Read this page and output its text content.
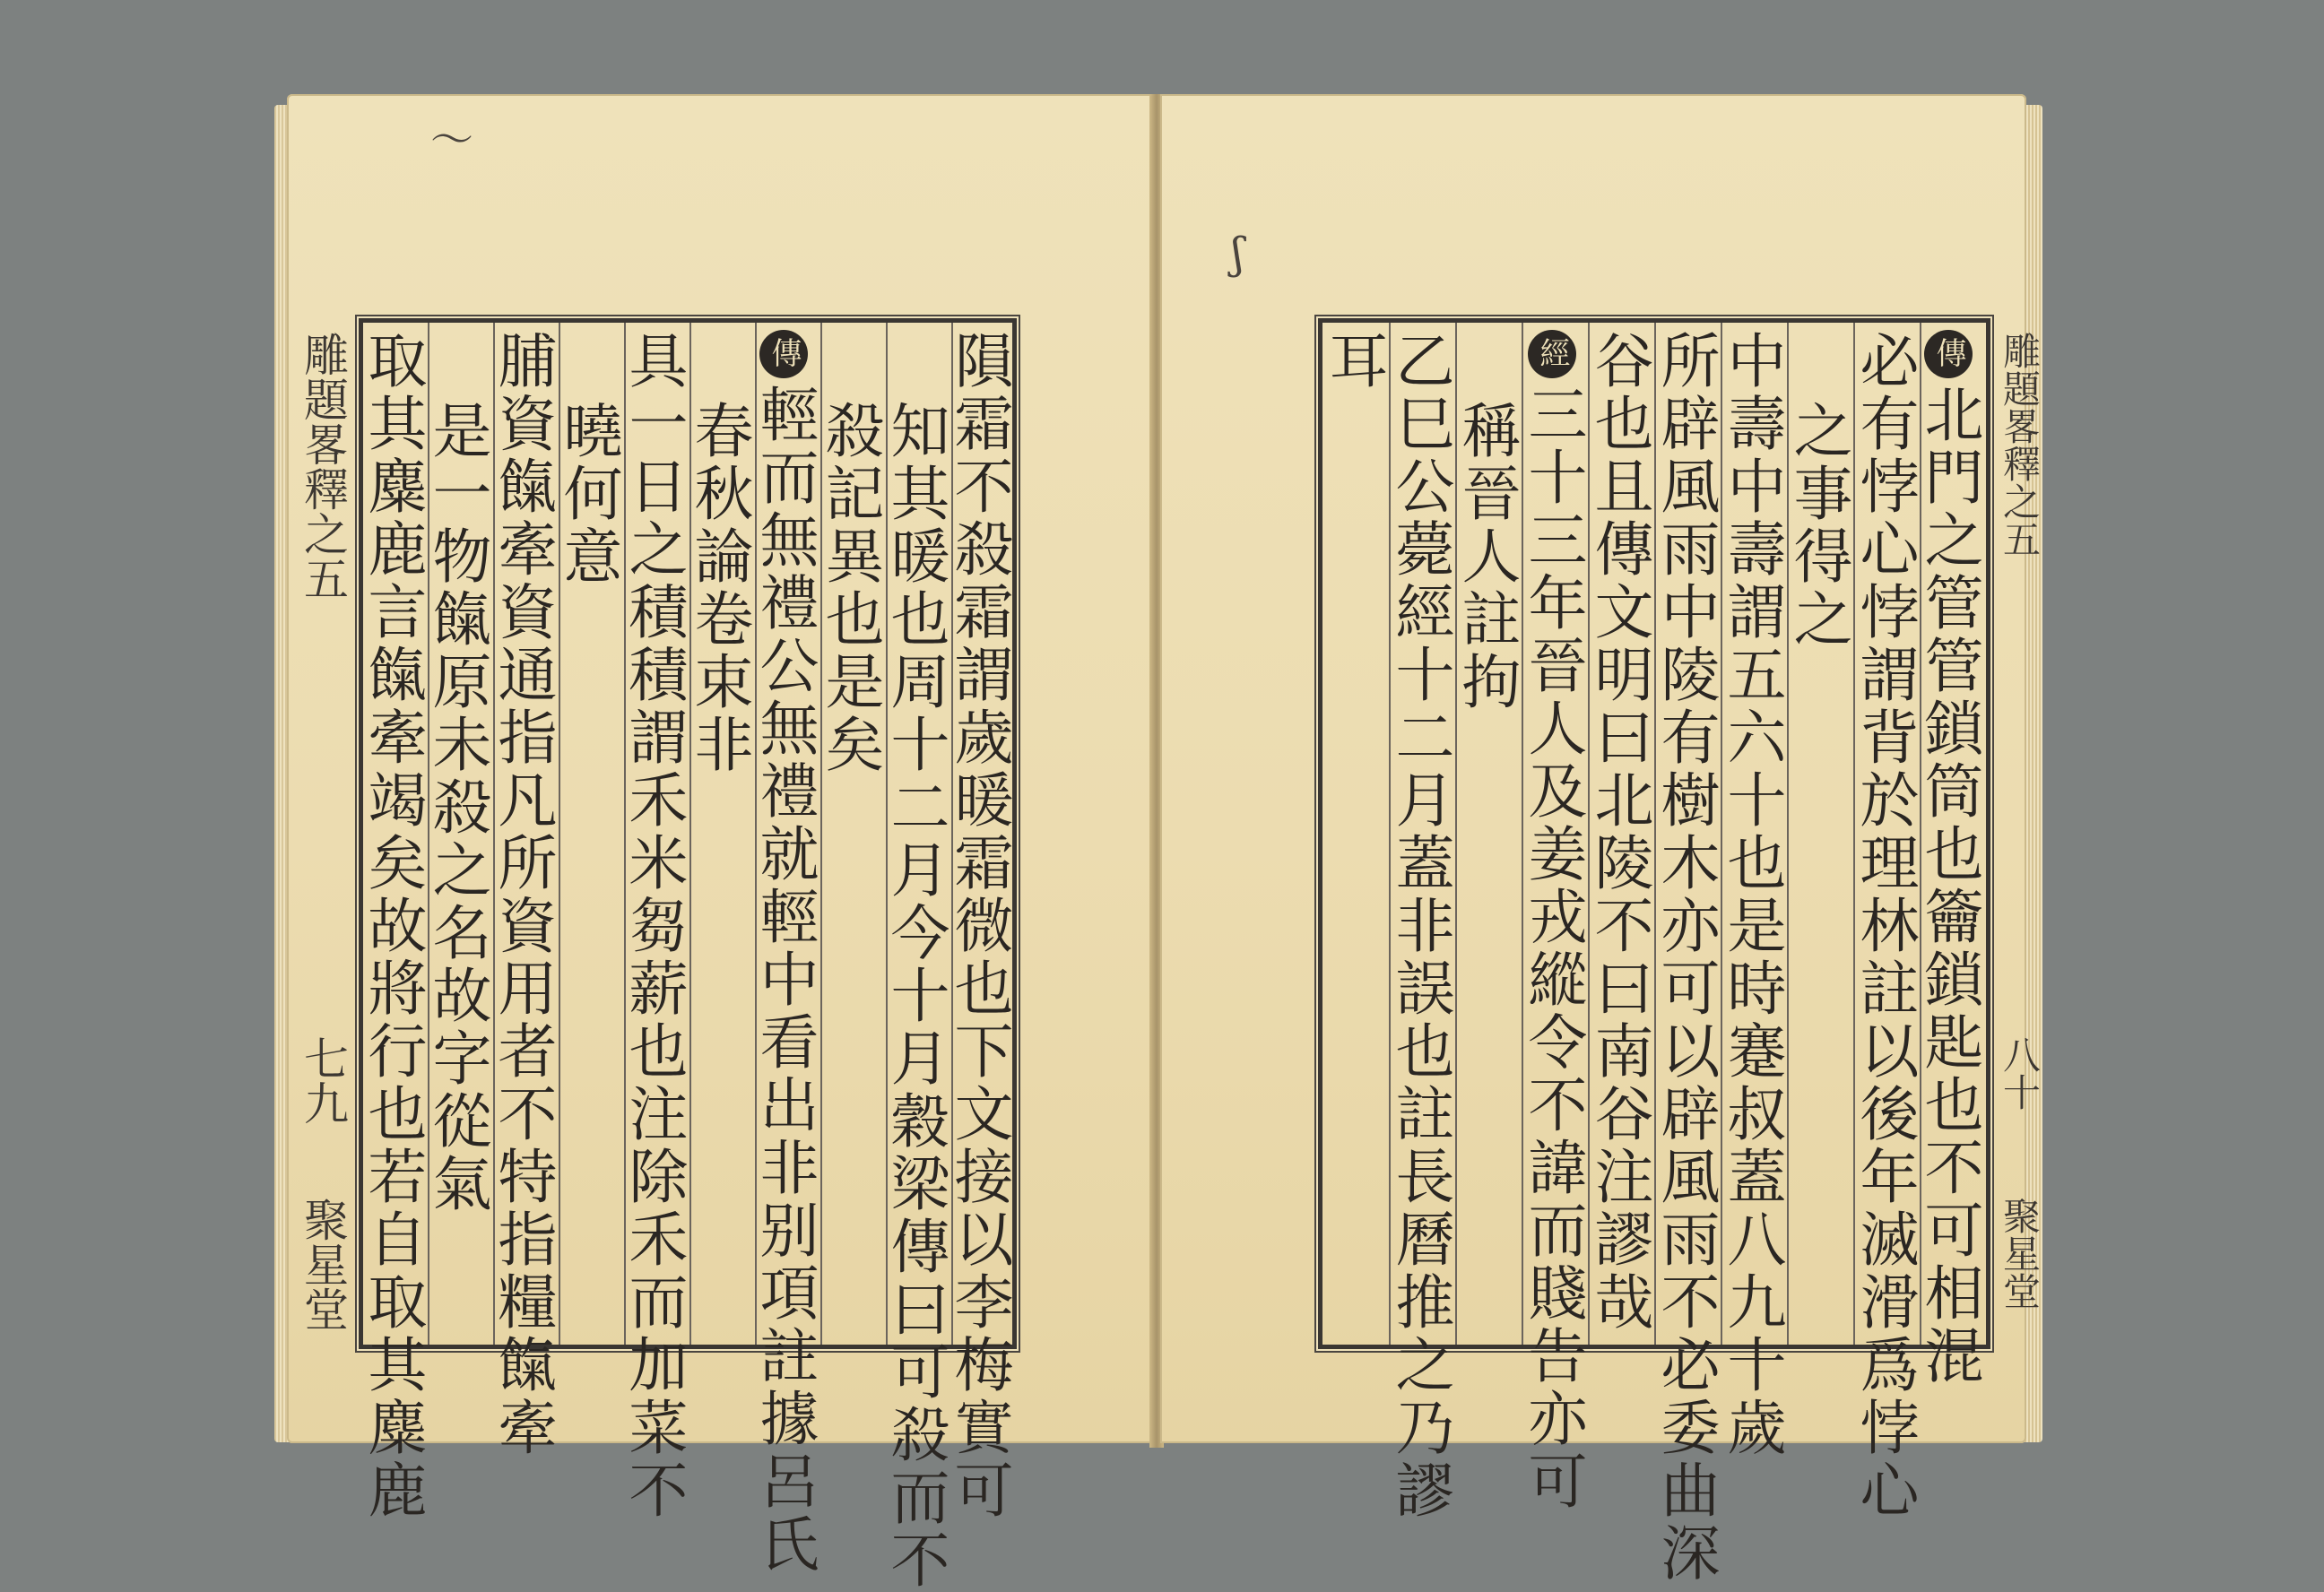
〜
雕題畧釋之五
七九
聚星堂	隕霜不殺霜謂歲暖霜微也下文接以李梅實可
知其暖也周十二月今十月穀梁傳曰可殺而不
殺記異也是矣
傳輕而無禮公無禮就輕中看出非别項註據呂氏
春秋論卷束非
具一日之積積謂禾米芻薪也注除禾而加菜不
曉何意
脯資餼牽資通指凡所資用者不特指糧餼牽
是一物餼原未殺之名故字從氣
取其麋鹿言餼牽竭矣故將行也若自取其麋鹿
ʃ
雕題畧釋之五
八十
聚星堂
傳北門之管管鎖筒也籥鎖匙也不可相混
必有悖心悖謂背於理林註以後年滅滑爲悖心
之事得之
中壽中壽謂五六十也是時蹇叔蓋八九十歲
所辟風雨中陵有樹木亦可以辟風雨不必委曲深
谷也且傳文明曰北陵不曰南谷注謬哉
經三十三年晉人及姜戎縱令不諱而賤告亦可
稱晉人註拘
乙巳公薨經十二月蓋非誤也註長曆推之乃謬
耳
